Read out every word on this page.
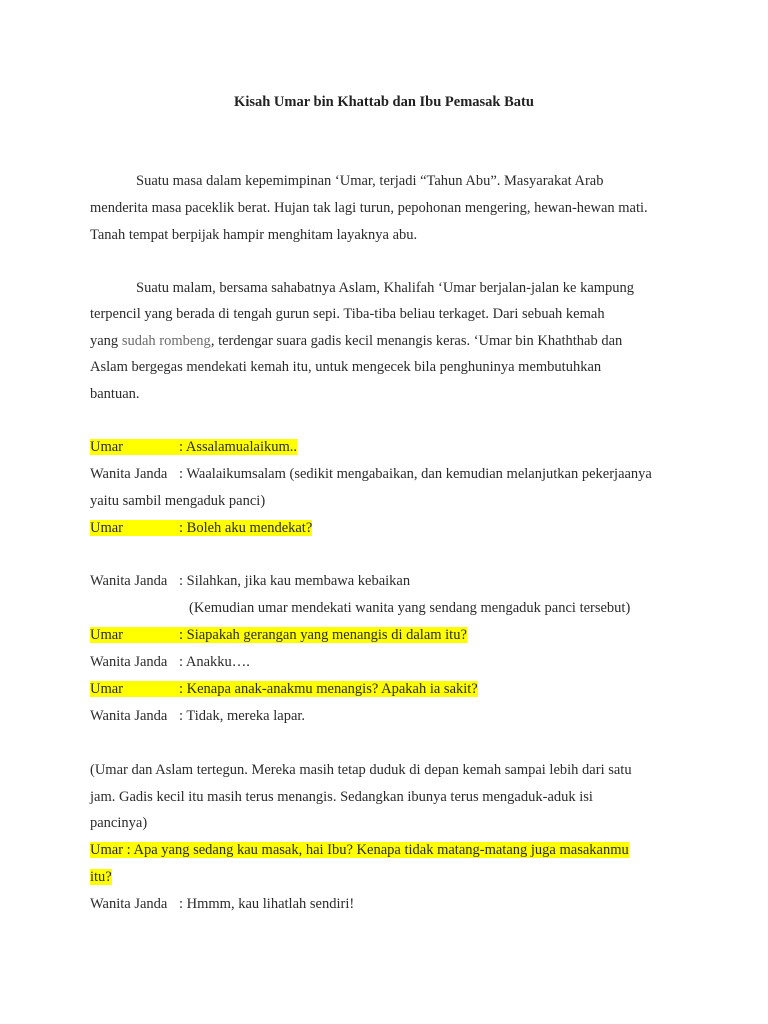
Kisah Umar bin Khattab dan Ibu Pemasak Batu
Suatu masa dalam kepemimpinan ‘Umar, terjadi “Tahun Abu”. Masyarakat Arab
menderita masa paceklik berat. Hujan tak lagi turun, pepohonan mengering, hewan-hewan mati.
Tanah tempat berpijak hampir menghitam layaknya abu.
Suatu malam, bersama sahabatnya Aslam, Khalifah ‘Umar berjalan-jalan ke kampung
terpencil yang berada di tengah gurun sepi. Tiba-tiba beliau terkaget. Dari sebuah kemah
yang sudah rombeng, terdengar suara gadis kecil menangis keras. ‘Umar bin Khaththab dan
Aslam bergegas mendekati kemah itu, untuk mengecek bila penghuninya membutuhkan
bantuan.
Umar	: Assalamualaikum..
Wanita Janda : Waalaikumsalam (sedikit mengabaikan, dan kemudian melanjutkan pekerjaanya
yaitu sambil mengaduk panci)
Umar	: Boleh aku mendekat?
Wanita Janda : Silahkan, jika kau membawa kebaikan
(Kemudian umar mendekati wanita yang sendang mengaduk panci tersebut)
Umar	: Siapakah gerangan yang menangis di dalam itu?
Wanita Janda : Anakku….
Umar	: Kenapa anak-anakmu menangis? Apakah ia sakit?
Wanita Janda : Tidak, mereka lapar.
(Umar dan Aslam tertegun. Mereka masih tetap duduk di depan kemah sampai lebih dari satu
jam. Gadis kecil itu masih terus menangis. Sedangkan ibunya terus mengaduk-aduk isi
pancinya)
Umar : Apa yang sedang kau masak, hai Ibu? Kenapa tidak matang-matang juga masakanmu
itu?
Wanita Janda : Hmmm, kau lihatlah sendiri!
